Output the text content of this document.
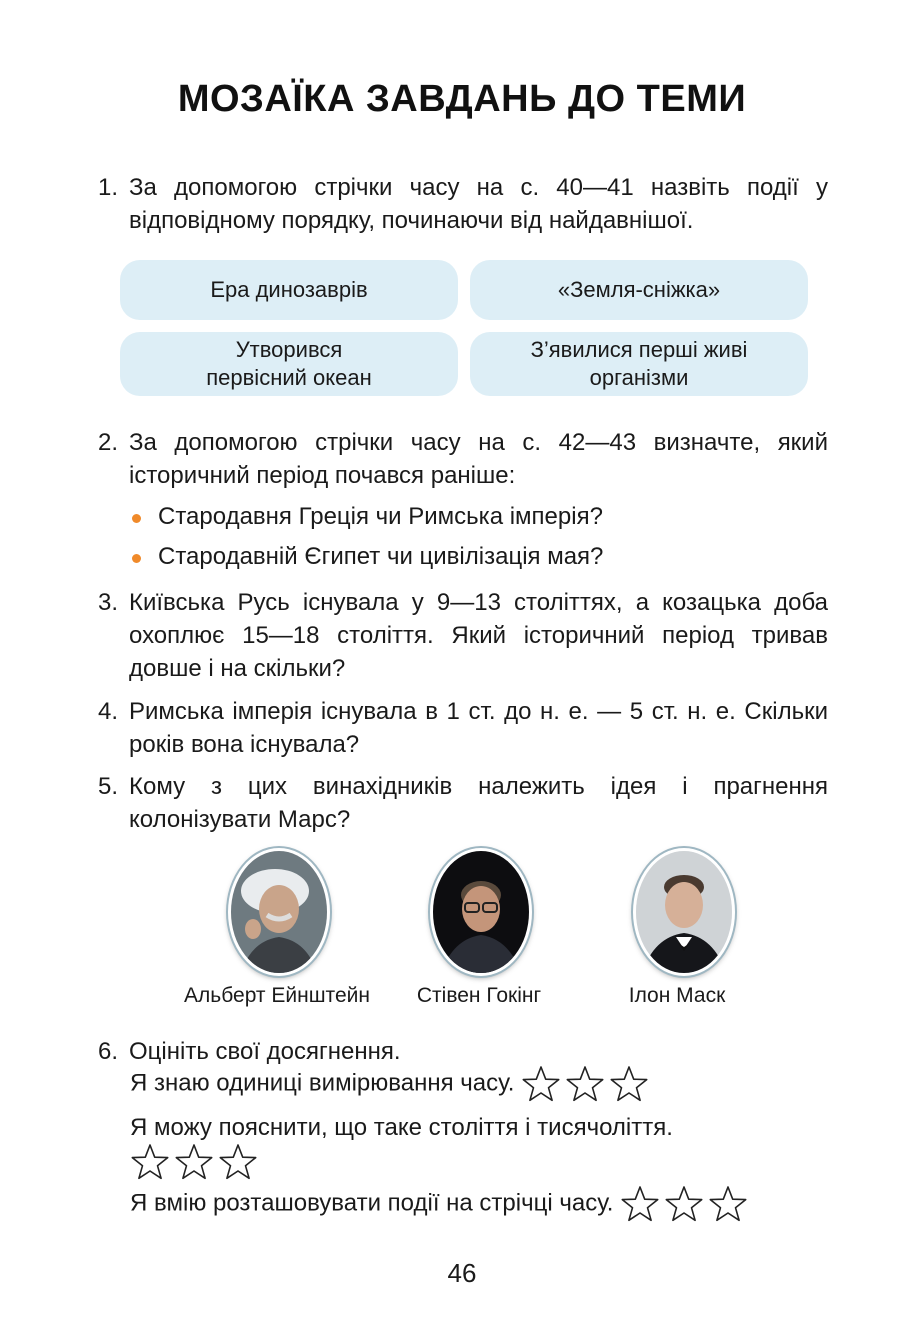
МОЗАЇКА ЗАВДАНЬ ДО ТЕМИ
1. За допомогою стрічки часу на с. 40—41 назвіть події у відповідному порядку, починаючи від найдавнішої.
Ера динозаврів	«Земля-сніжка»
Утворився первісний океан
З’явилися перші живі організми
2. За допомогою стрічки часу на с. 42—43 визначте, який історичний період почався раніше:
Стародавня Греція чи Римська імперія?
Стародавній Єгипет чи цивілізація мая?
3. Київська Русь існувала у 9—13 століттях, а козацька доба охоплює 15—18 століття. Який історичний період тривав довше і на скільки?
4. Римська імперія існувала в 1 ст. до н. е. — 5 ст. н. е. Скільки років вона існувала?
5. Кому з цих винахідників належить ідея і прагнення колонізувати Марс?
Альберт Ейнштейн	Стівен Гокінг	Ілон Маск
6. Оцініть свої досягнення.
Я знаю одиниці вимірювання часу.
Я можу пояснити, що таке століття і тисячоліття.
Я вмію розташовувати події на стрічці часу.
46
